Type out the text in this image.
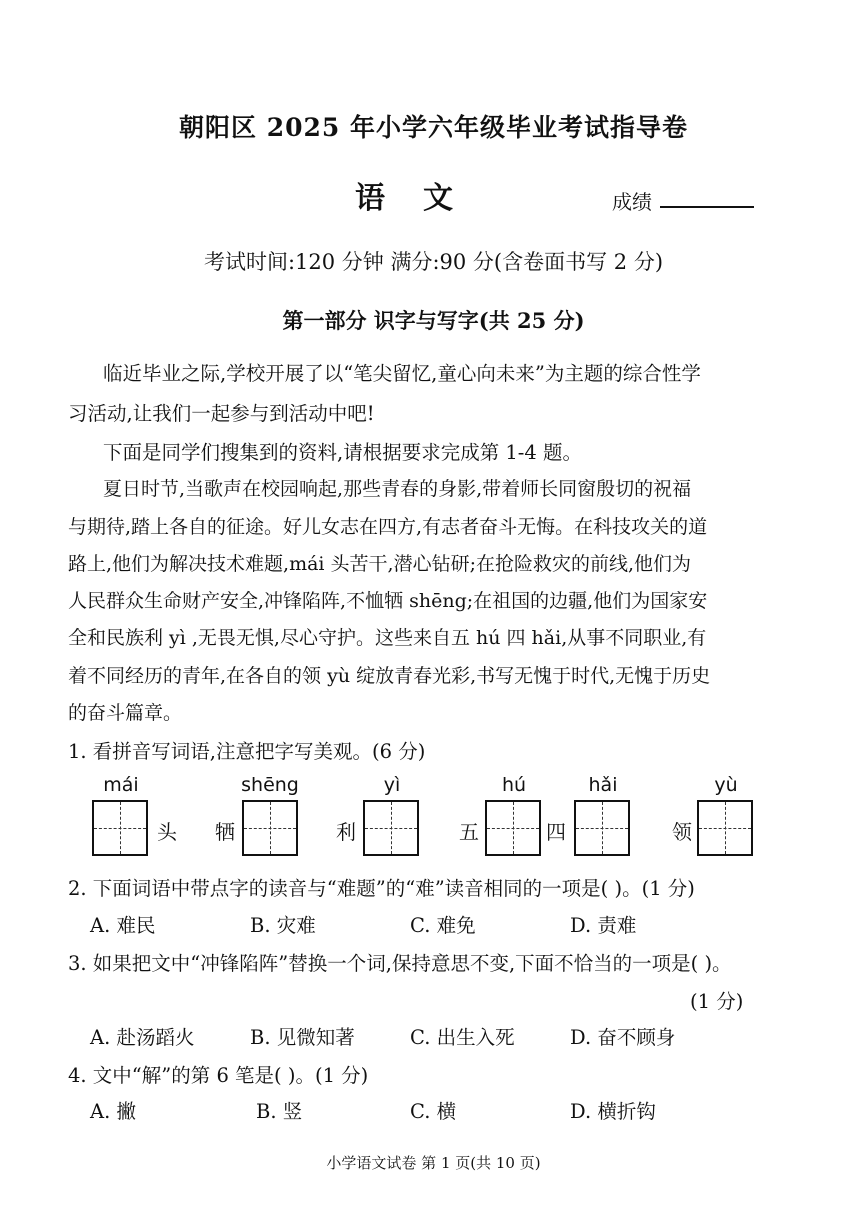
朝阳区 2025 年小学六年级毕业考试指导卷
语文	成绩
考试时间:120 分钟 满分:90 分(含卷面书写 2 分)
第一部分 识字与写字(共 25 分)
临近毕业之际,学校开展了以“笔尖留忆,童心向未来”为主题的综合性学
习活动,让我们一起参与到活动中吧!
下面是同学们搜集到的资料,请根据要求完成第 1-4 题。
夏日时节,当歌声在校园响起,那些青春的身影,带着师长同窗殷切的祝福
与期待,踏上各自的征途。好儿女志在四方,有志者奋斗无悔。在科技攻关的道
路上,他们为解决技术难题,mái 头苦干,潜心钻研;在抢险救灾的前线,他们为
人民群众生命财产安全,冲锋陷阵,不恤牺 shēng;在祖国的边疆,他们为国家安
全和民族利 yì ,无畏无惧,尽心守护。这些来自五 hú 四 hǎi,从事不同职业,有
着不同经历的青年,在各自的领 yù 绽放青春光彩,书写无愧于时代,无愧于历史
的奋斗篇章。
1. 看拼音写词语,注意把字写美观。(6 分)
mái	shēng	yì	hú	hǎi	yù
头 牺	利	五	四	领
2. 下面词语中带点字的读音与“难题”的“难”读音相同的一项是( )。(1 分)
A. 难民	B. 灾难	C. 难免	D. 责难
3. 如果把文中“冲锋陷阵”替换一个词,保持意思不变,下面不恰当的一项是( )。
(1 分)
A. 赴汤蹈火	B. 见微知著	C. 出生入死	D. 奋不顾身
4. 文中“解”的第 6 笔是( )。(1 分)
A. 撇	B. 竖	C. 横	D. 横折钩
小学语文试卷 第 1 页(共 10 页)
